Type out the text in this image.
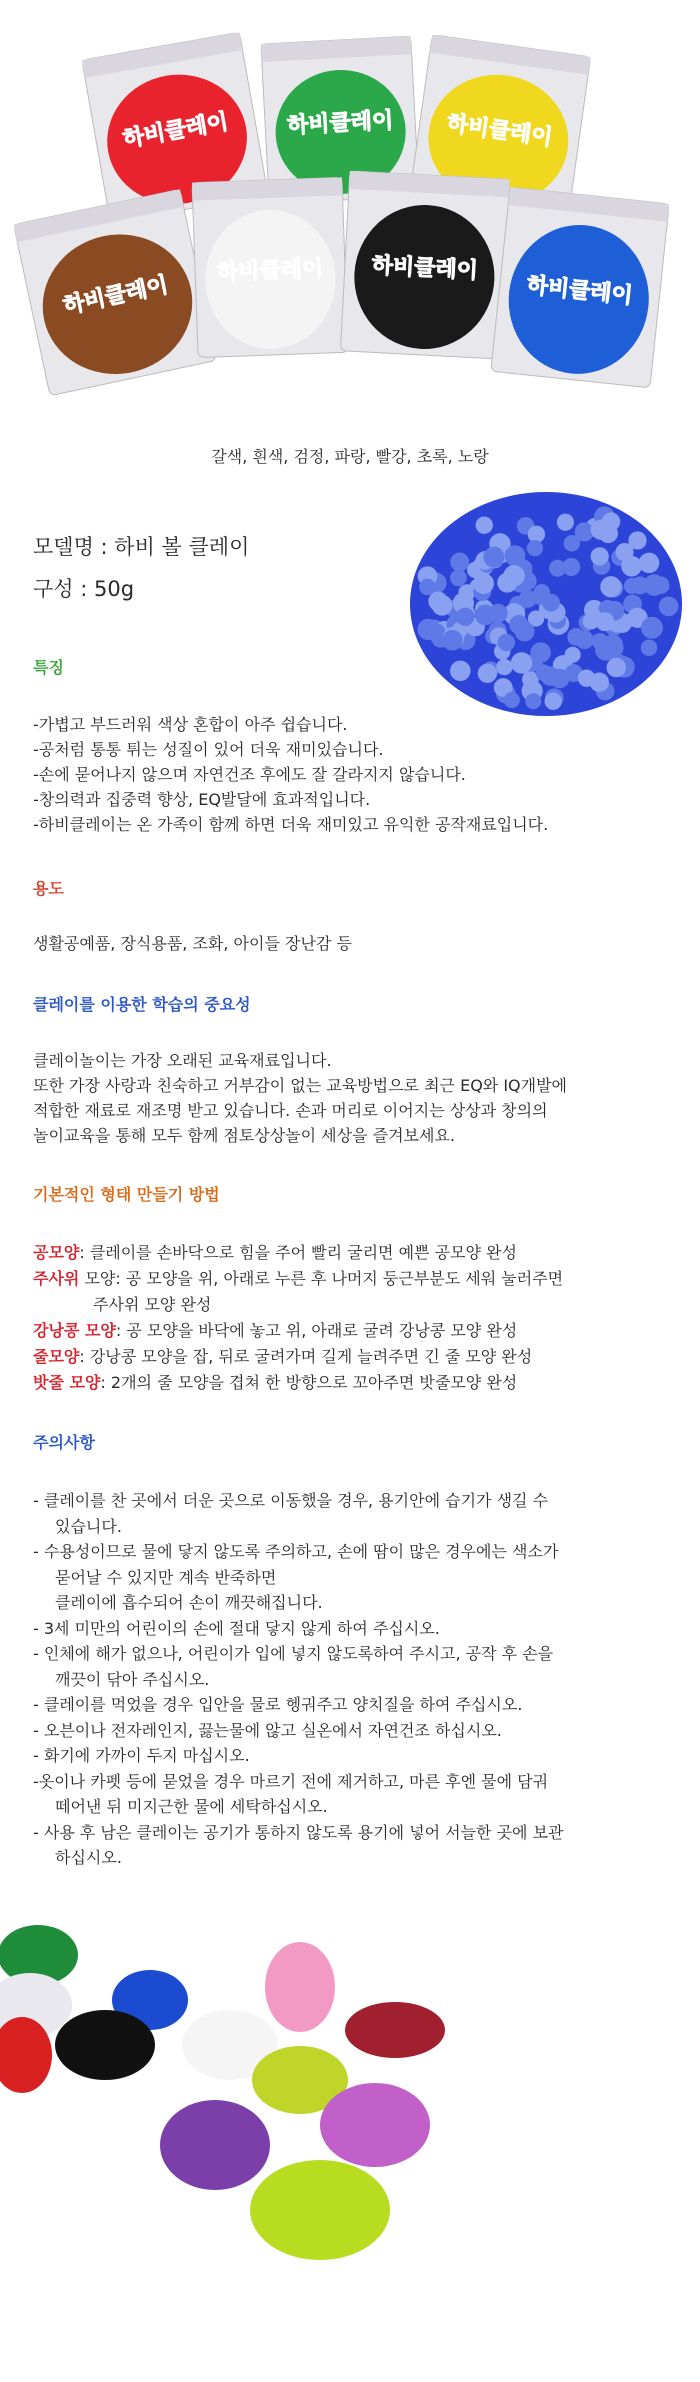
하비클레이	하비클레이 하비클레이
하비클레이
하비클레이 하비클레이
하비클레이
갈색, 흰색, 검정, 파랑, 빨강, 초록, 노랑
모델명 : 하비 볼 클레이
구성 : 50g
특징
-가볍고 부드러워 색상 혼합이 아주 쉽습니다.
-공처럼 통통 튀는 성질이 있어 더욱 재미있습니다.
-손에 묻어나지 않으며 자연건조 후에도 잘 갈라지지 않습니다.
-창의력과 집중력 향상, EQ발달에 효과적입니다.
-하비클레이는 온 가족이 함께 하면 더욱 재미있고 유익한 공작재료입니다.
용도
생활공예품, 장식용품, 조화, 아이들 장난감 등
클레이를 이용한 학습의 중요성
클레이놀이는 가장 오래된 교육재료입니다.
또한 가장 사랑과 친숙하고 거부감이 없는 교육방법으로 최근 EQ와 IQ개발에
적합한 재료로 재조명 받고 있습니다. 손과 머리로 이어지는 상상과 창의의
놀이교육을 통해 모두 함께 점토상상놀이 세상을 즐겨보세요.
기본적인 형태 만들기 방법
공모양: 클레이를 손바닥으로 힘을 주어 빨리 굴리면 예쁜 공모양 완성
주사위 모양: 공 모양을 위, 아래로 누른 후 나머지 둥근부분도 세워 눌러주면
주사위 모양 완성
강낭콩 모양: 공 모양을 바닥에 놓고 위, 아래로 굴려 강낭콩 모양 완성
줄모양: 강낭콩 모양을 잡, 뒤로 굴려가며 길게 늘려주면 긴 줄 모양 완성
밧줄 모양: 2개의 줄 모양을 겹쳐 한 방향으로 꼬아주면 밧줄모양 완성
주의사항
- 클레이를 찬 곳에서 더운 곳으로 이동했을 경우, 용기안에 습기가 생길 수
있습니다.
- 수용성이므로 물에 닿지 않도록 주의하고, 손에 땀이 많은 경우에는 색소가
묻어날 수 있지만 계속 반죽하면
클레이에 흡수되어 손이 깨끗해집니다.
- 3세 미만의 어린이의 손에 절대 닿지 않게 하여 주십시오.
- 인체에 해가 없으나, 어린이가 입에 넣지 않도록하여 주시고, 공작 후 손을
깨끗이 닦아 주십시오.
- 클레이를 먹었을 경우 입안을 물로 헹궈주고 양치질을 하여 주십시오.
- 오븐이나 전자레인지, 끓는물에 않고 실온에서 자연건조 하십시오.
- 화기에 가까이 두지 마십시오.
-옷이나 카펫 등에 묻었을 경우 마르기 전에 제거하고, 마른 후엔 물에 담궈
떼어낸 뒤 미지근한 물에 세탁하십시오.
- 사용 후 남은 클레이는 공기가 통하지 않도록 용기에 넣어 서늘한 곳에 보관
하십시오.
